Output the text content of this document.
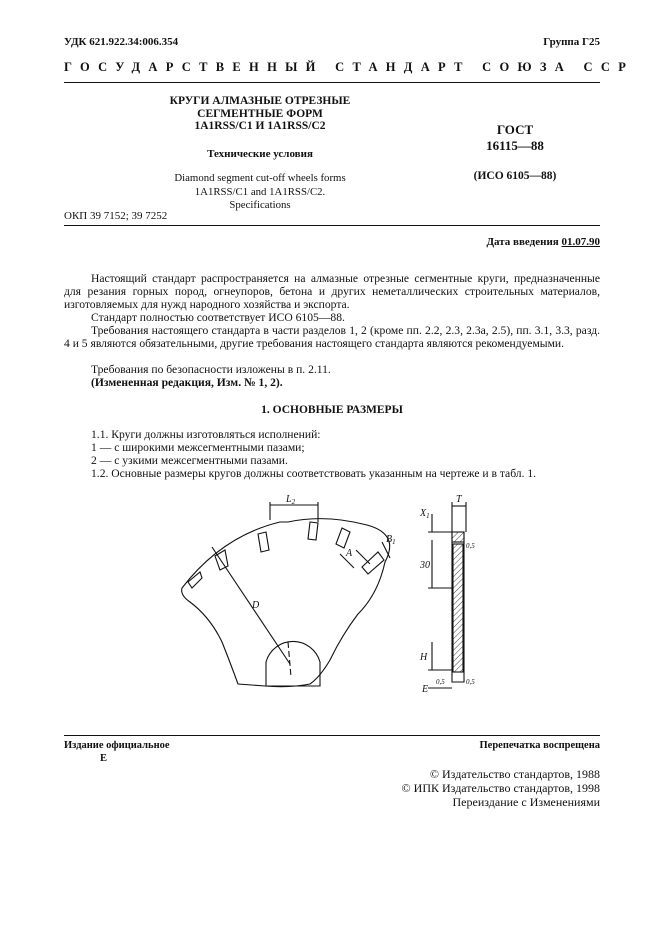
УДК 621.922.34:006.354	Группа Г25
ГОСУДАРСТВЕННЫЙ СТАНДАРТ СОЮЗА ССР
КРУГИ АЛМАЗНЫЕ ОТРЕЗНЫЕ
СЕГМЕНТНЫЕ ФОРМ
1A1RSS/C1 И 1A1RSS/C2
Технические условия
Diamond segment cut-off wheels forms
1A1RSS/C1 and 1A1RSS/C2.
Specifications
ГОСТ
16115—88
(ИСО 6105—88)
ОКП 39 7152; 39 7252
Дата введения 01.07.90
Настоящий стандарт распространяется на алмазные отрезные сегментные круги, предназначенные для резания горных пород, огнеупоров, бетона и других неметаллических строительных материалов, изготовляемых для нужд народного хозяйства и экспорта.
Стандарт полностью соответствует ИСО 6105—88.
Требования настоящего стандарта в части разделов 1, 2 (кроме пп. 2.2, 2.3, 2.3а, 2.5), пп. 3.1, 3.3, разд. 4 и 5 являются обязательными, другие требования настоящего стандарта являются рекомендуемыми.
Требования по безопасности изложены в п. 2.11.
(Измененная редакция, Изм. № 1, 2).
1. ОСНОВНЫЕ РАЗМЕРЫ
1.1. Круги должны изготовляться исполнений:
1 — с широкими межсегментными пазами;
2 — с узкими межсегментными пазами.
1.2. Основные размеры кругов должны соответствовать указанным на чертеже и в табл. 1.
$L_2$
A
$B_1$
D
$X_1$
T
30
H
E
0,5	0,5
0,5
Издание официальное
Е
Перепечатка воспрещена
© Издательство стандартов, 1988
© ИПК Издательство стандартов, 1998
Переиздание с Изменениями
